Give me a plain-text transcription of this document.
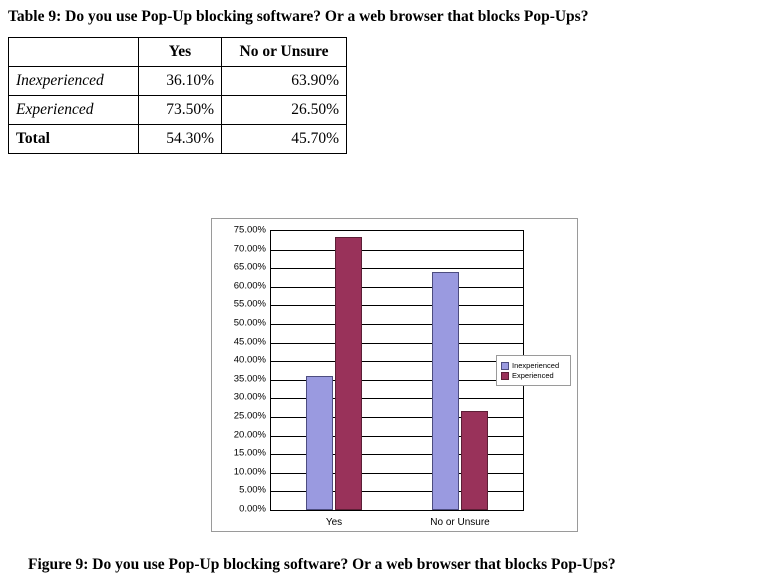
Table 9: Do you use Pop-Up blocking software? Or a web browser that blocks Pop-Ups?
	Yes	No or Unsure
Inexperienced	36.10%	63.90%
Experienced	73.50%	26.50%
Total	54.30%	45.70%
Yes	No or Unsure
75.00%
70.00%
65.00%
60.00%
55.00%
50.00%
45.00%
40.00%
35.00%
30.00%
25.00%
20.00%
15.00%
10.00%
5.00%
0.00%
Inexperienced
Experienced
Figure 9: Do you use Pop-Up blocking software? Or a web browser that blocks Pop-Ups?
